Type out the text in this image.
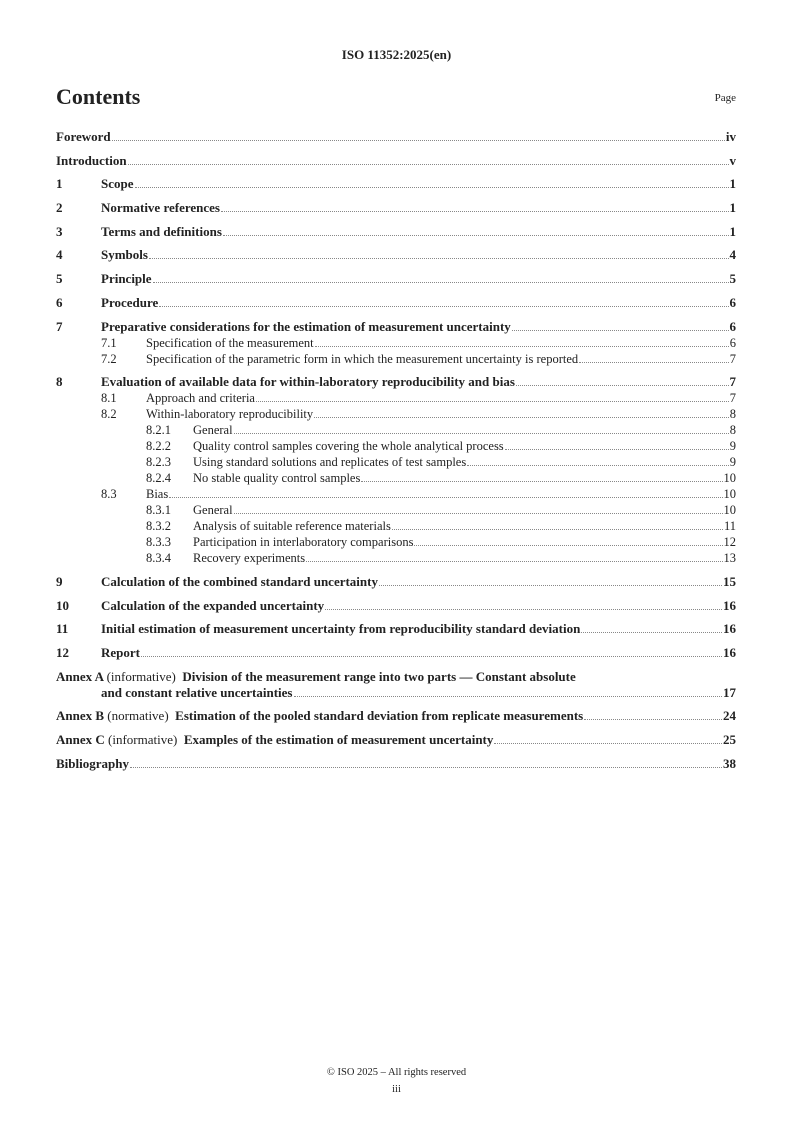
ISO 11352:2025(en)
Contents	Page
Foreword	iv
Introduction	v
1	Scope	1
2	Normative references	1
3	Terms and definitions	1
4	Symbols	4
5	Principle	5
6	Procedure	6
7	Preparative considerations for the estimation of measurement uncertainty	6
7.1	Specification of the measurement	6
7.2	Specification of the parametric form in which the measurement uncertainty is reported	7
8	Evaluation of available data for within-laboratory reproducibility and bias	7
8.1	Approach and criteria	7
8.2	Within-laboratory reproducibility	8
8.2.1	General	8
8.2.2	Quality control samples covering the whole analytical process	9
8.2.3	Using standard solutions and replicates of test samples	9
8.2.4	No stable quality control samples	10
8.3	Bias	10
8.3.1	General	10
8.3.2	Analysis of suitable reference materials	11
8.3.3	Participation in interlaboratory comparisons	12
8.3.4	Recovery experiments	13
9	Calculation of the combined standard uncertainty	15
10	Calculation of the expanded uncertainty	16
11	Initial estimation of measurement uncertainty from reproducibility standard deviation	16
12	Report	16
Annex A (informative) Division of the measurement range into two parts — Constant absolute
and constant relative uncertainties	17
Annex B (normative) Estimation of the pooled standard deviation from replicate measurements	24
Annex C (informative) Examples of the estimation of measurement uncertainty	25
Bibliography	38
© ISO 2025 – All rights reserved
iii
